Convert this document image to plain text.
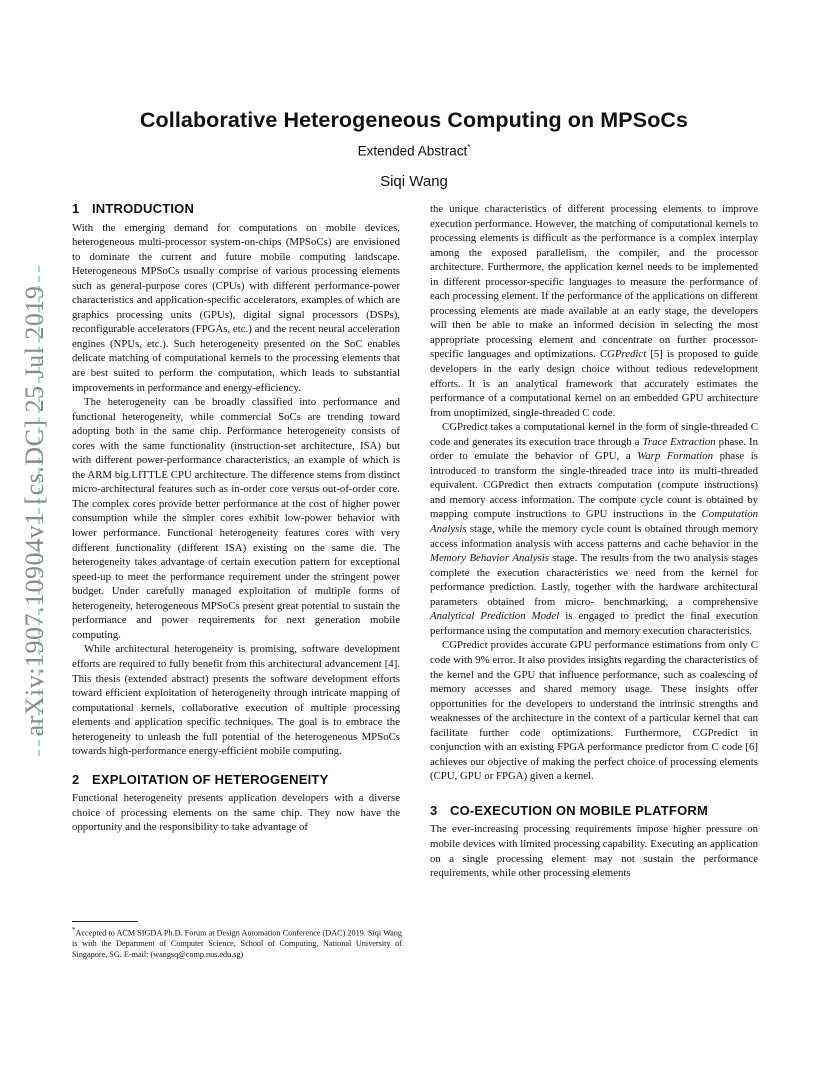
arXiv:1907.10904v1 [cs.DC] 25 Jul 2019
Collaborative Heterogeneous Computing on MPSoCs
Extended Abstract*
Siqi Wang
1 INTRODUCTION

With the emerging demand for computations on mobile devices, heterogeneous multi-processor system-on-chips (MPSoCs) are envisioned to dominate the current and future mobile computing landscape. Heterogeneous MPSoCs usually comprise of various processing elements such as general-purpose cores (CPUs) with different performance-power characteristics and application-specific accelerators, examples of which are graphics processing units (GPUs), digital signal processors (DSPs), reconfigurable accelerators (FPGAs, etc.) and the recent neural acceleration engines (NPUs, etc.). Such heterogeneity presented on the SoC enables delicate matching of computational kernels to the processing elements that are best suited to perform the computation, which leads to substantial improvements in performance and energy-efficiency.

The heterogeneity can be broadly classified into performance and functional heterogeneity, while commercial SoCs are trending toward adopting both in the same chip. Performance heterogeneity consists of cores with the same functionality (instruction-set architecture, ISA) but with different power-performance characteristics, an example of which is the ARM big.LITTLE CPU architecture. The difference stems from distinct micro-architectural features such as in-order core versus out-of-order core. The complex cores provide better performance at the cost of higher power consumption while the simpler cores exhibit low-power behavior with lower performance. Functional heterogeneity features cores with very different functionality (different ISA) existing on the same die. The heterogeneity takes advantage of certain execution pattern for exceptional speed-up to meet the performance requirement under the stringent power budget. Under carefully managed exploitation of multiple forms of heterogeneity, heterogeneous MPSoCs present great potential to sustain the performance and power requirements for next generation mobile computing.

While architectural heterogeneity is promising, software development efforts are required to fully benefit from this architectural advancement [4]. This thesis (extended abstract) presents the software development efforts toward efficient exploitation of heterogeneity through intricate mapping of computational kernels, collaborative execution of multiple processing elements and application specific techniques. The goal is to embrace the heterogeneity to unleash the full potential of the heterogeneous MPSoCs towards high-performance energy-efficient mobile computing.

2 EXPLOITATION OF HETEROGENEITY

Functional heterogeneity presents application developers with a diverse choice of processing elements on the same chip. They now have the opportunity and the responsibility to take advantage of

the unique characteristics of different processing elements to improve execution performance. However, the matching of computational kernels to processing elements is difficult as the performance is a complex interplay among the exposed parallelism, the compiler, and the processor architecture. Furthermore, the application kernel needs to be implemented in different processor-specific languages to measure the performance of each processing element. If the performance of the applications on different processing elements are made available at an early stage, the developers will then be able to make an informed decision in selecting the most appropriate processing element and concentrate on further processor-specific languages and optimizations. CGPredict [5] is proposed to guide developers in the early design choice without tedious redevelopment efforts. It is an analytical framework that accurately estimates the performance of a computational kernel on an embedded GPU architecture from unoptimized, single-threaded C code.

CGPredict takes a computational kernel in the form of single-threaded C code and generates its execution trace through a Trace Extraction phase. In order to emulate the behavior of GPU, a Warp Formation phase is introduced to transform the single-threaded trace into its multi-threaded equivalent. CGPredict then extracts computation (compute instructions) and memory access information. The compute cycle count is obtained by mapping compute instructions to GPU instructions in the Computation Analysis stage, while the memory cycle count is obtained through memory access information analysis with access patterns and cache behavior in the Memory Behavior Analysis stage. The results from the two analysis stages complete the execution characteristics we need from the kernel for performance prediction. Lastly, together with the hardware architectural parameters obtained from micro- benchmarking, a comprehensive Analytical Prediction Model is engaged to predict the final execution performance using the computation and memory execution characteristics.

CGPredict provides accurate GPU performance estimations from only C code with 9% error. It also provides insights regarding the characteristics of the kernel and the GPU that influence performance, such as coalescing of memory accesses and shared memory usage. These insights offer opportunities for the developers to understand the intrinsic strengths and weaknesses of the architecture in the context of a particular kernel that can facilitate further code optimizations. Furthermore, CGPredict in conjunction with an existing FPGA performance predictor from C code [6] achieves our objective of making the perfect choice of processing elements (CPU, GPU or FPGA) given a kernel.

3 CO-EXECUTION ON MOBILE PLATFORM

The ever-increasing processing requirements impose higher pressure on mobile devices with limited processing capability. Executing an application on a single processing element may not sustain the performance requirements, while other processing elements

*Accepted to ACM SIGDA Ph.D. Forum at Design Automation Conference (DAC) 2019. Siqi Wang is with the Department of Computer Science, School of Computing, National University of Singapore, SG. E-mail: (wangsq@comp.nus.edu.sg)
